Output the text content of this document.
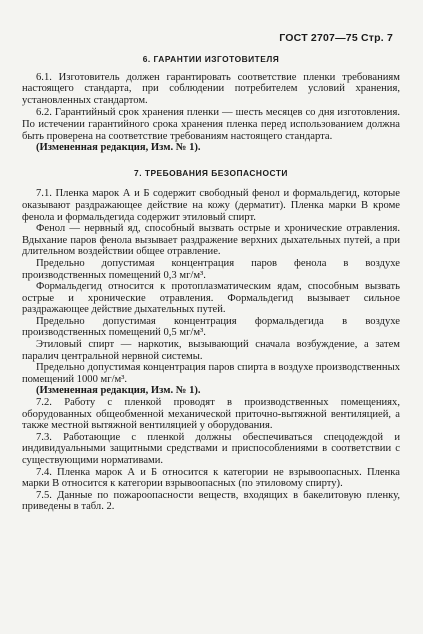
ГОСТ 2707—75 Стр. 7
6. ГАРАНТИИ ИЗГОТОВИТЕЛЯ

6.1. Изготовитель должен гарантировать соответствие пленки требованиям настоящего стандарта, при соблюдении потребителем условий хранения, установленных стандартом.

6.2. Гарантийный срок хранения пленки — шесть месяцев со дня изготовления. По истечении гарантийного срока хранения пленка перед использованием должна быть проверена на соответствие требованиям настоящего стандарта.

(Измененная редакция, Изм. № 1).

7. ТРЕБОВАНИЯ БЕЗОПАСНОСТИ

7.1. Пленка марок А и Б содержит свободный фенол и формальдегид, которые оказывают раздражающее действие на кожу (дерматит). Пленка марки В кроме фенола и формальдегида содержит этиловый спирт.

Фенол — нервный яд, способный вызвать острые и хронические отравления. Вдыхание паров фенола вызывает раздражение верхних дыхательных путей, а при длительном воздействии общее отравление.

Предельно допустимая концентрация паров фенола в воздухе производственных помещений 0,3 мг/м³.

Формальдегид относится к протоплазматическим ядам, способным вызвать острые и хронические отравления. Формальдегид вызывает сильное раздражающее действие дыхательных путей.

Предельно допустимая концентрация формальдегида в воздухе производственных помещений 0,5 мг/м³.

Этиловый спирт — наркотик, вызывающий сначала возбуждение, а затем паралич центральной нервной системы.

Предельно допустимая концентрация паров спирта в воздухе производственных помещений 1000 мг/м³.

(Измененная редакция, Изм. № 1).

7.2. Работу с пленкой проводят в производственных помещениях, оборудованных общеобменной механической приточно-вытяжной вентиляцией, а также местной вытяжной вентиляцией у оборудования.

7.3. Работающие с пленкой должны обеспечиваться спецодеждой и индивидуальными защитными средствами и приспособлениями в соответствии с существующими нормативами.

7.4. Пленка марок А и Б относится к категории не взрывоопасных. Пленка марки В относится к категории взрывоопасных (по этиловому спирту).

7.5. Данные по пожароопасности веществ, входящих в бакелитовую пленку, приведены в табл. 2.
